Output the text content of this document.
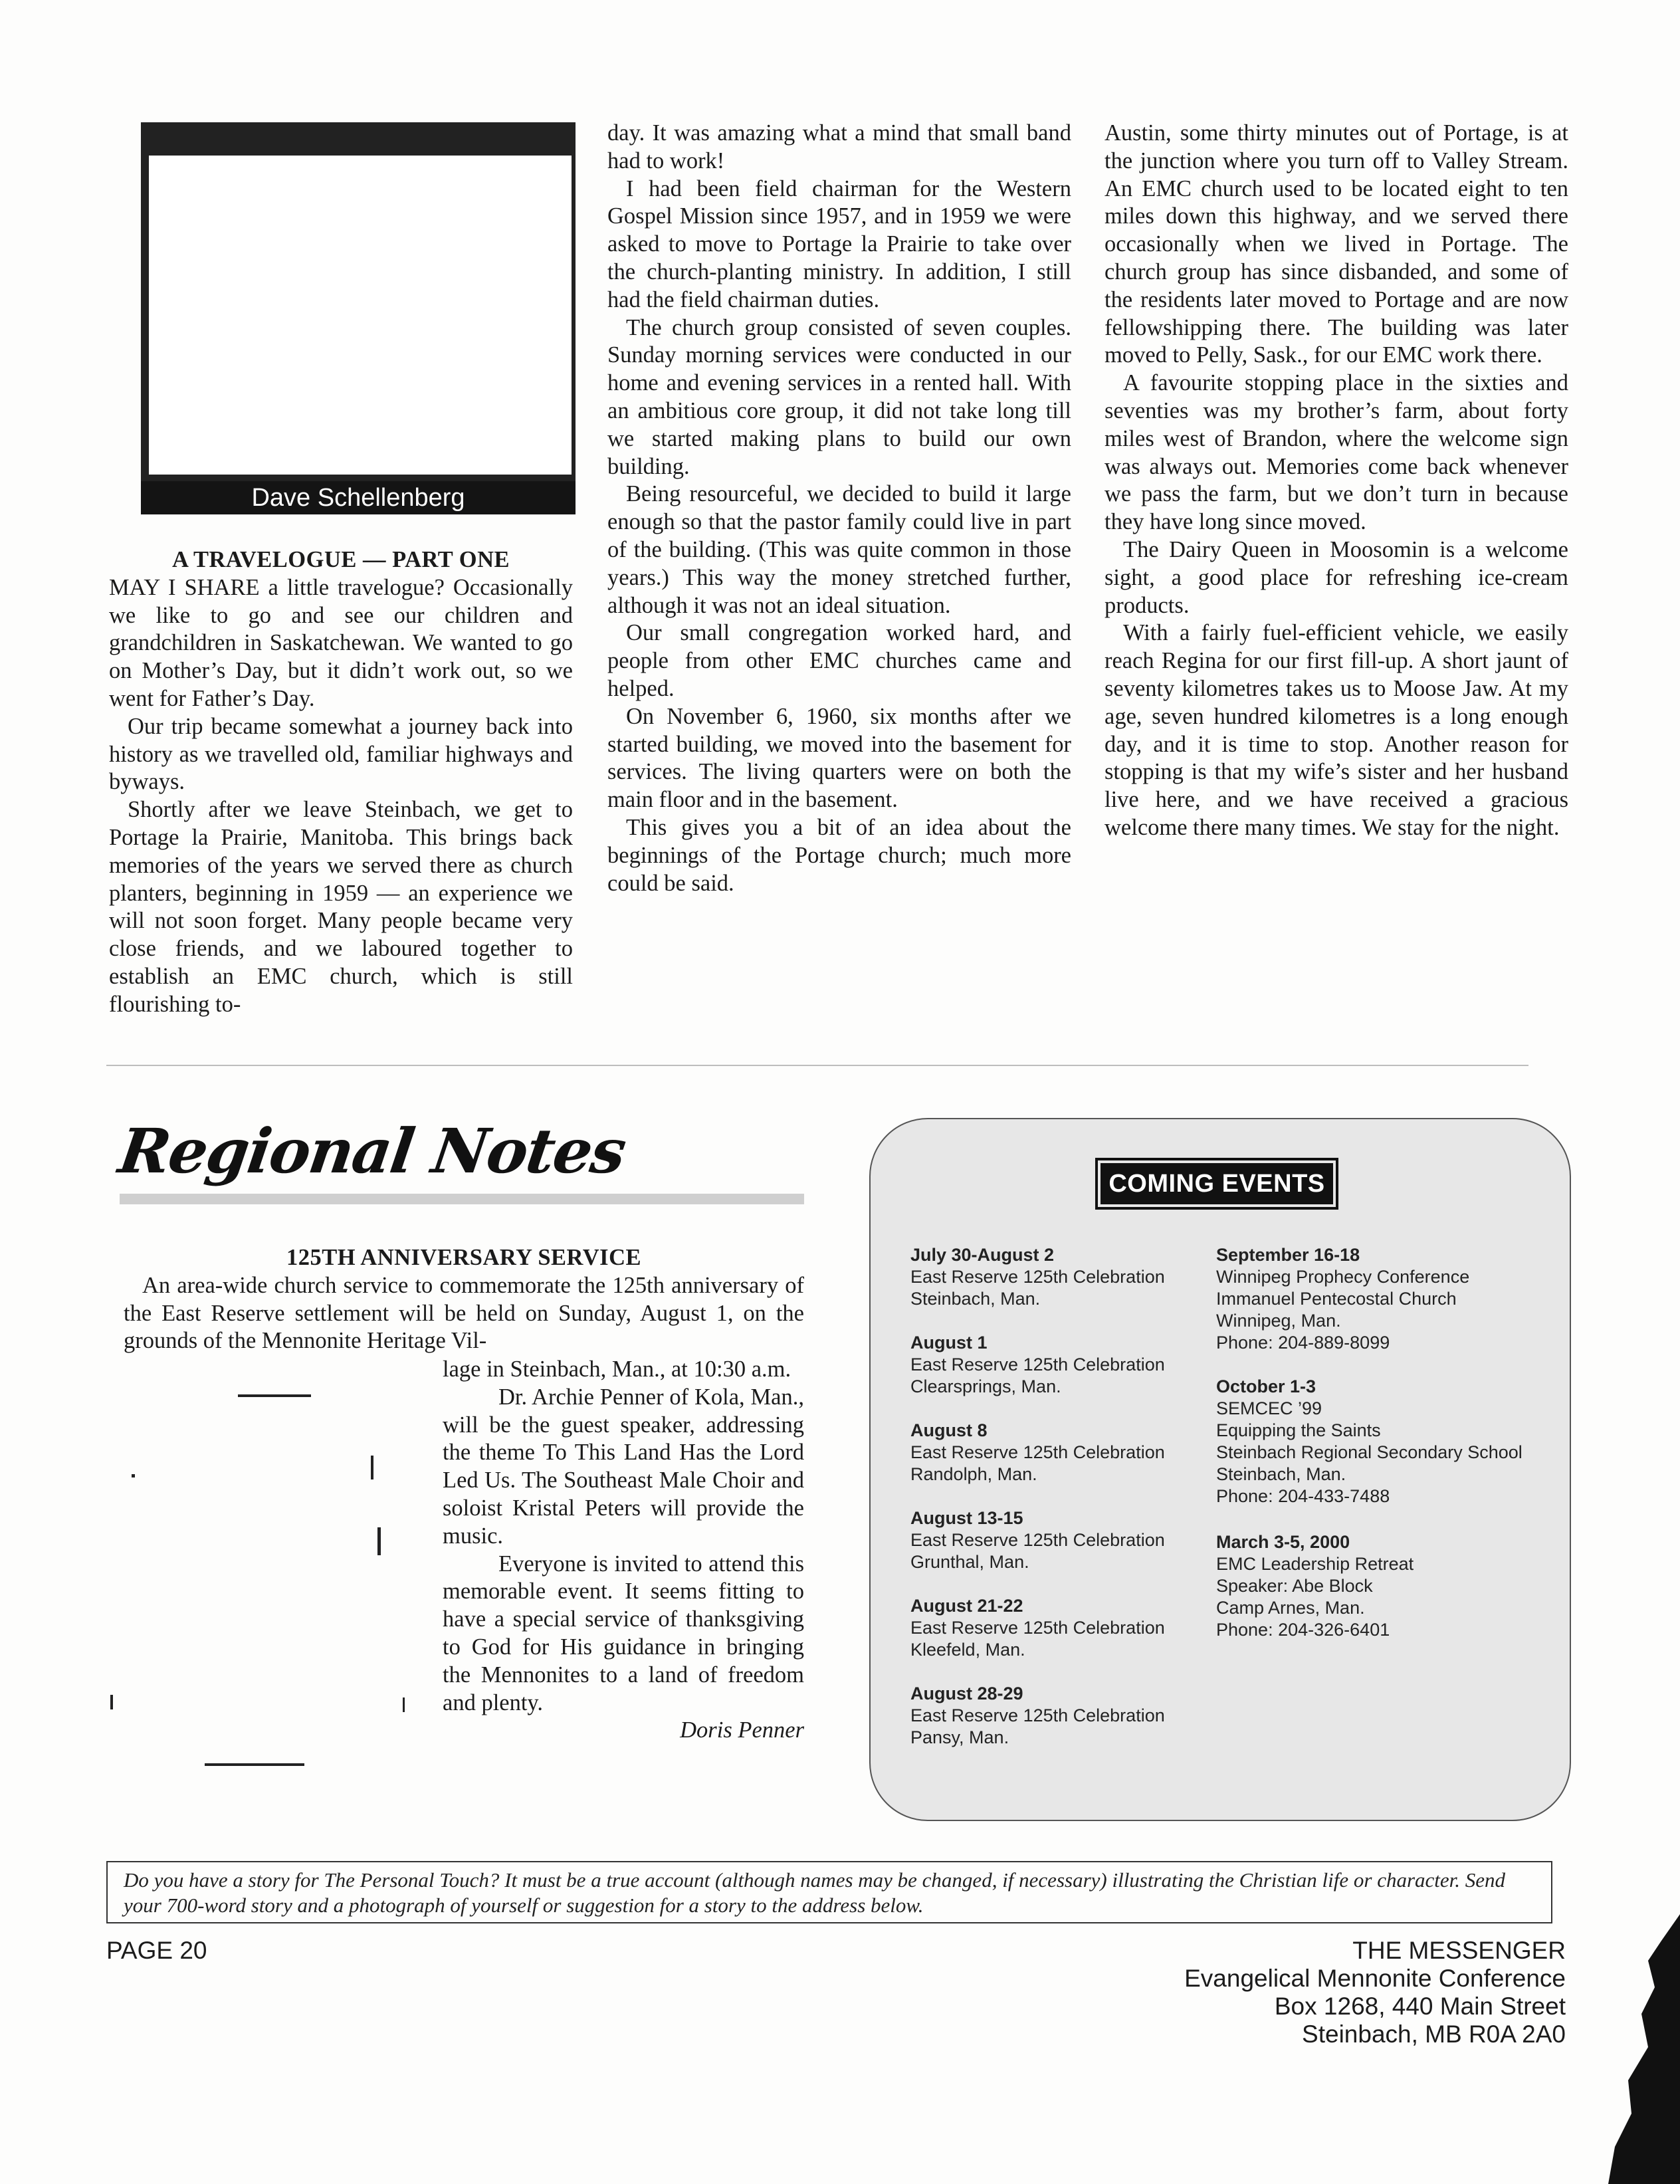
Dave Schellenberg
A TRAVELOGUE — PART ONE

MAY I SHARE a little travelogue? Occasionally we like to go and see our children and grandchildren in Saskatchewan. We wanted to go on Mother’s Day, but it didn’t work out, so we went for Father’s Day.

Our trip became somewhat a journey back into history as we travelled old, familiar highways and byways.

Shortly after we leave Steinbach, we get to Portage la Prairie, Manitoba. This brings back memories of the years we served there as church planters, beginning in 1959 — an experience we will not soon forget. Many people became very close friends, and we laboured together to establish an EMC church, which is still flourishing to-

day. It was amazing what a mind that small band had to work!

I had been field chairman for the Western Gospel Mission since 1957, and in 1959 we were asked to move to Portage la Prairie to take over the church-planting ministry. In addition, I still had the field chairman duties.

The church group consisted of seven couples. Sunday morning services were conducted in our home and evening services in a rented hall. With an ambitious core group, it did not take long till we started making plans to build our own building.

Being resourceful, we decided to build it large enough so that the pastor family could live in part of the building. (This was quite common in those years.) This way the money stretched further, although it was not an ideal situation.

Our small congregation worked hard, and people from other EMC churches came and helped.

On November 6, 1960, six months after we started building, we moved into the basement for services. The living quarters were on both the main floor and in the basement.

This gives you a bit of an idea about the beginnings of the Portage church; much more could be said.

Austin, some thirty minutes out of Portage, is at the junction where you turn off to Valley Stream. An EMC church used to be located eight to ten miles down this highway, and we served there occasionally when we lived in Portage. The church group has since disbanded, and some of the residents later moved to Portage and are now fellowshipping there. The building was later moved to Pelly, Sask., for our EMC work there.

A favourite stopping place in the sixties and seventies was my brother’s farm, about forty miles west of Brandon, where the welcome sign was always out. Memories come back whenever we pass the farm, but we don’t turn in because they have long since moved.

The Dairy Queen in Moosomin is a welcome sight, a good place for refreshing ice-cream products.

With a fairly fuel-efficient vehicle, we easily reach Regina for our first fill-up. A short jaunt of seventy kilometres takes us to Moose Jaw. At my age, seven hundred kilometres is a long enough day, and it is time to stop. Another reason for stopping is that my wife’s sister and her husband live here, and we have received a gracious welcome there many times. We stay for the night.

Regional Notes
125TH ANNIVERSARY SERVICE

An area-wide church service to commemorate the 125th anniversary of the East Reserve settlement will be held on Sunday, August 1, on the grounds of the Mennonite Heritage Vil-

lage in Steinbach, Man., at 10:30 a.m.

Dr. Archie Penner of Kola, Man., will be the guest speaker, addressing the theme To This Land Has the Lord Led Us. The Southeast Male Choir and soloist Kristal Peters will provide the music.

Everyone is invited to attend this memorable event. It seems fitting to have a special service of thanksgiving to God for His guidance in bringing the Mennonites to a land of freedom and plenty.

Doris Penner

COMING EVENTS
July 30-August 2
East Reserve 125th Celebration
Steinbach, Man.
August 1
East Reserve 125th Celebration
Clearsprings, Man.
August 8
East Reserve 125th Celebration
Randolph, Man.
August 13-15
East Reserve 125th Celebration
Grunthal, Man.
August 21-22
East Reserve 125th Celebration
Kleefeld, Man.
August 28-29
East Reserve 125th Celebration
Pansy, Man.
September 16-18
Winnipeg Prophecy Conference
Immanuel Pentecostal Church
Winnipeg, Man.
Phone: 204-889-8099
October 1-3
SEMCEC ’99
Equipping the Saints
Steinbach Regional Secondary School
Steinbach, Man.
Phone: 204-433-7488
March 3-5, 2000
EMC Leadership Retreat
Speaker: Abe Block
Camp Arnes, Man.
Phone: 204-326-6401
Do you have a story for The Personal Touch? It must be a true account (although names may be changed, if necessary) illustrating the Christian life or character. Send your 700-word story and a photograph of yourself or suggestion for a story to the address below.
PAGE 20	THE MESSENGER
Evangelical Mennonite Conference
Box 1268, 440 Main Street
Steinbach, MB R0A 2A0
